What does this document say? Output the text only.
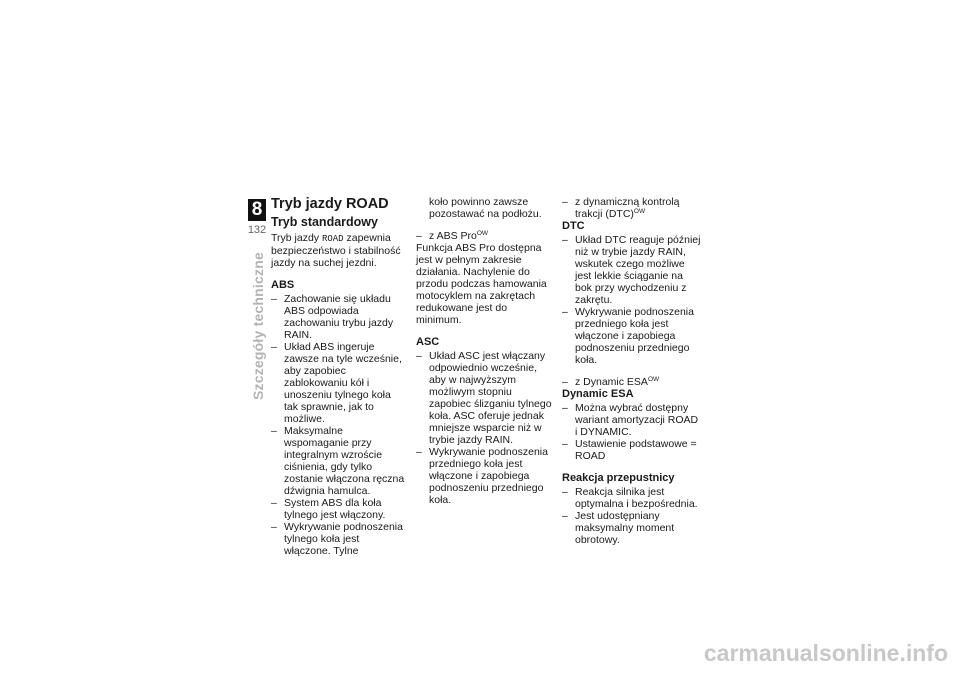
8
132
Szczegóły techniczne
Tryb jazdy ROAD
Tryb standardowy

Tryb jazdy ROAD zapewnia bezpieczeństwo i stabilność jazdy na suchej jezdni.

ABS
– Zachowanie się układu ABS odpowiada zachowaniu trybu jazdy RAIN.
– Układ ABS ingeruje zawsze na tyle wcześnie, aby zapobiec zablokowaniu kół i unoszeniu tylnego koła tak sprawnie, jak to możliwe.
– Maksymalne wspomaganie przy integralnym wzroście ciśnienia, gdy tylko zostanie włączona ręczna dźwignia hamulca.
– System ABS dla koła tylnego jest włączony.
– Wykrywanie podnoszenia tylnego koła jest włączone. Tylne

koło powinno zawsze pozostawać na podłożu.

– z ABS Pro$^{OW}$

Funkcja ABS Pro dostępna jest w pełnym zakresie działania. Nachylenie do przodu podczas hamowania motocyklem na zakrętach redukowane jest do minimum.

ASC
– Układ ASC jest włączany odpowiednio wcześnie, aby w najwyższym możliwym stopniu zapobiec ślizganiu tylnego koła. ASC oferuje jednak mniejsze wsparcie niż w trybie jazdy RAIN.
– Wykrywanie podnoszenia przedniego koła jest włączone i zapobiega podnoszeniu przedniego koła.
– z dynamiczną kontrolą trakcji (DTC)$^{OW}$
DTC
– Układ DTC reaguje później niż w trybie jazdy RAIN, wskutek czego możliwe jest lekkie ściąganie na bok przy wychodzeniu z zakrętu.
– Wykrywanie podnoszenia przedniego koła jest włączone i zapobiega podnoszeniu przedniego koła.
– z Dynamic $ESA^{OW}$
Dynamic ESA
– Można wybrać dostępny wariant amortyzacji ROAD i DYNAMIC.
– Ustawienie podstawowe = ROAD
Reakcja przepustnicy
– Reakcja silnika jest optymalna i bezpośrednia.
– Jest udostępniany maksymalny moment obrotowy.
carmanualsonline.info
